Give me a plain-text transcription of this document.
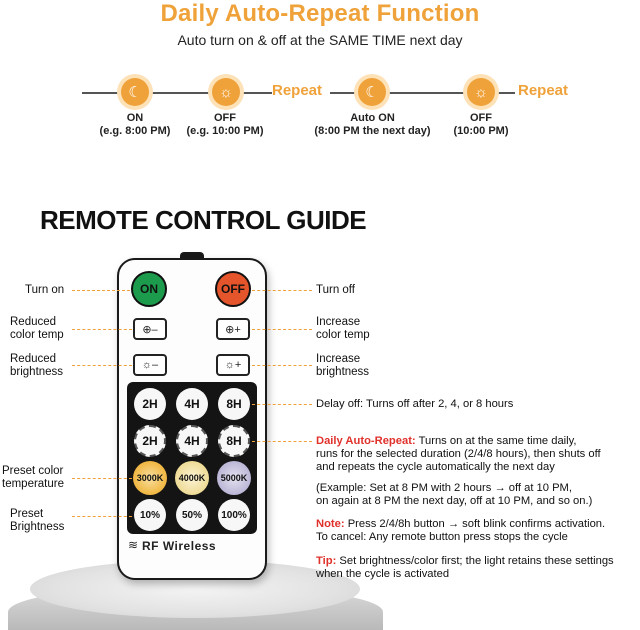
Daily Auto-Repeat Function
Auto turn on & off at the SAME TIME next day
☾	☼	Repeat	☾	☼	Repeat
ON
(e.g. 8:00 PM)
OFF
(e.g. 10:00 PM)
Auto ON
(8:00 PM the next day)
OFF
(10:00 PM)
REMOTE CONTROL GUIDE
ON	OFF
⊕–	⊕+
☼–	☼+
2H	4H	8H
2H	4H	8H
3000K	4000K	5000K
10%	50%	100%
≋ RF Wireless
Turn on
Reduced
color temp
Reduced
brightness
Preset color
temperature
Preset
Brightness
Turn off
Increase
color temp
Increase
brightness
Delay off: Turns off after 2, 4, or 8 hours
Daily Auto-Repeat: Turns on at the same time daily,
runs for the selected duration (2/4/8 hours), then shuts off
and repeats the cycle automatically the next day
(Example: Set at 8 PM with 2 hours → off at 10 PM,
on again at 8 PM the next day, off at 10 PM, and so on.)
Note: Press 2/4/8h button → soft blink confirms activation.
To cancel: Any remote button press stops the cycle
Tip: Set brightness/color first; the light retains these settings
when the cycle is activated
